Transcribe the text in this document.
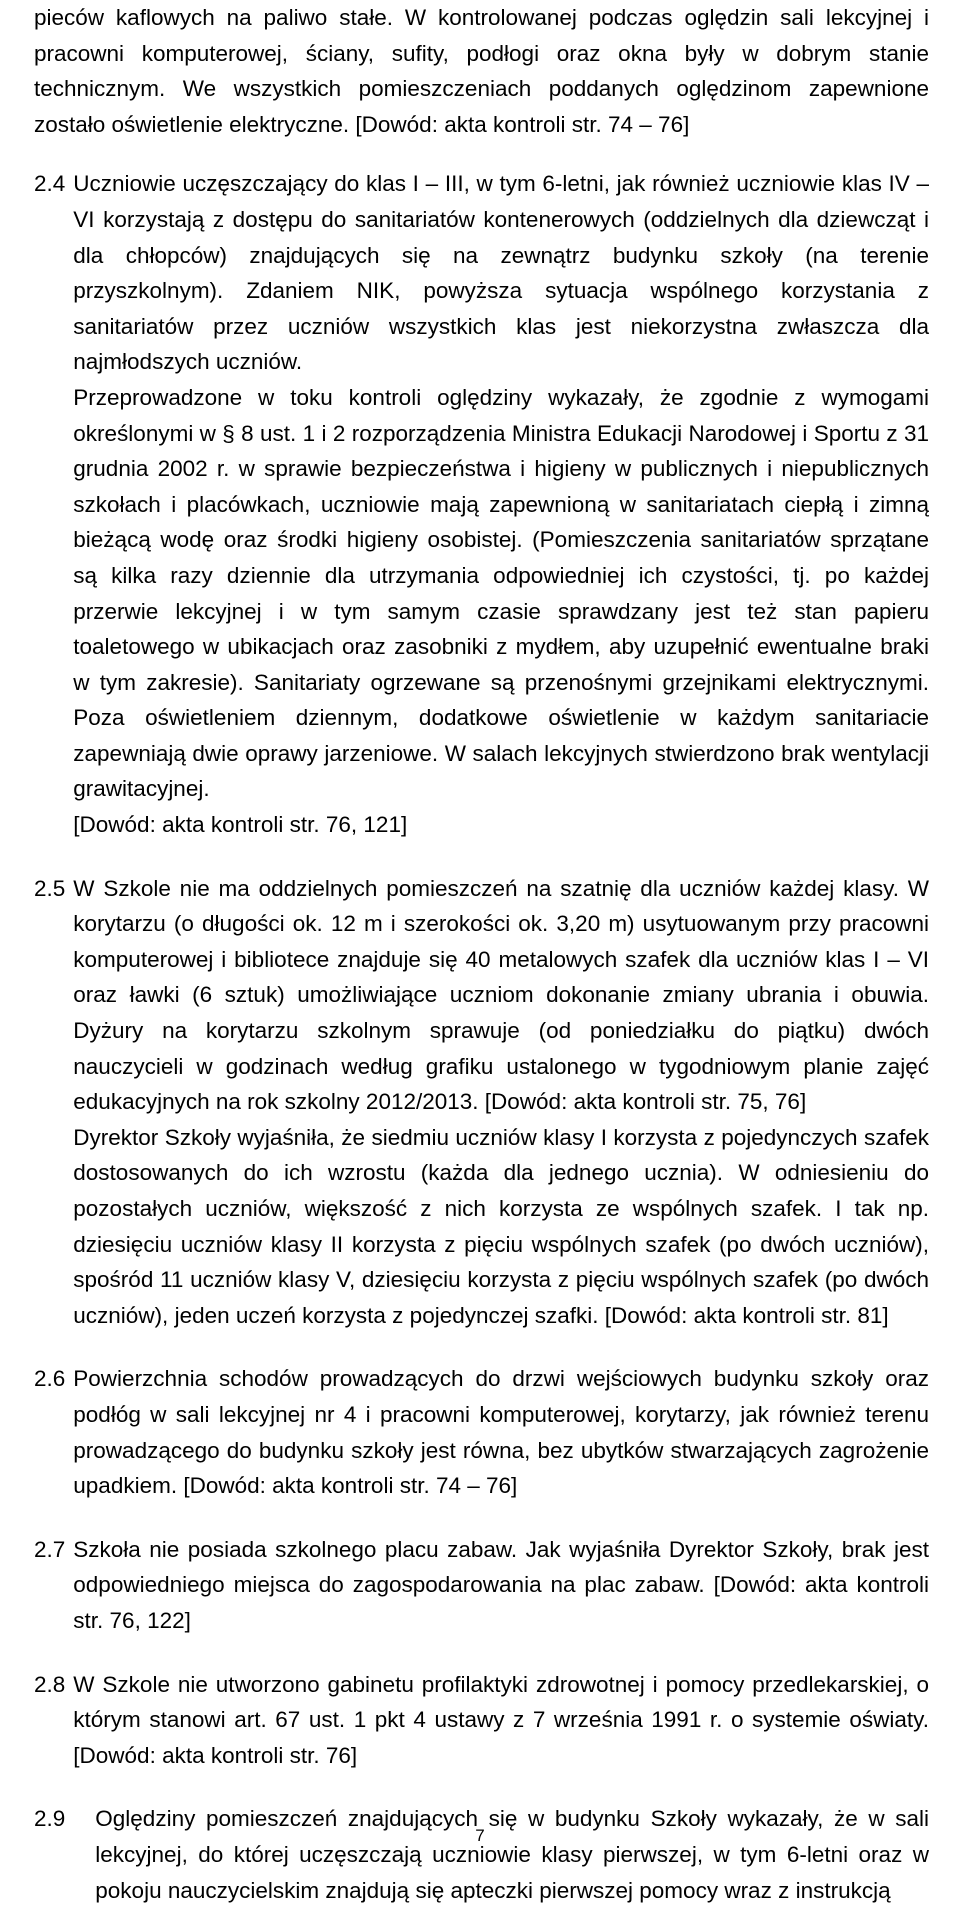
pieców kaflowych na paliwo stałe. W kontrolowanej podczas oględzin sali lekcyjnej i pracowni komputerowej, ściany, sufity, podłogi oraz okna były w dobrym stanie technicznym. We wszystkich pomieszczeniach poddanych oględzinom zapewnione zostało oświetlenie elektryczne. [Dowód: akta kontroli str. 74 – 76]

2.4 Uczniowie uczęszczający do klas I – III, w tym 6-letni, jak również uczniowie klas IV – VI korzystają z dostępu do sanitariatów kontenerowych (oddzielnych dla dziewcząt i dla chłopców) znajdujących się na zewnątrz budynku szkoły (na terenie przyszkolnym). Zdaniem NIK, powyższa sytuacja wspólnego korzystania z sanitariatów przez uczniów wszystkich klas jest niekorzystna zwłaszcza dla najmłodszych uczniów.

Przeprowadzone w toku kontroli oględziny wykazały, że zgodnie z wymogami określonymi w § 8 ust. 1 i 2 rozporządzenia Ministra Edukacji Narodowej i Sportu z 31 grudnia 2002 r. w sprawie bezpieczeństwa i higieny w publicznych i niepublicznych szkołach i placówkach, uczniowie mają zapewnioną w sanitariatach ciepłą i zimną bieżącą wodę oraz środki higieny osobistej. (Pomieszczenia sanitariatów sprzątane są kilka razy dziennie dla utrzymania odpowiedniej ich czystości, tj. po każdej przerwie lekcyjnej i w tym samym czasie sprawdzany jest też stan papieru toaletowego w ubikacjach oraz zasobniki z mydłem, aby uzupełnić ewentualne braki w tym zakresie). Sanitariaty ogrzewane są przenośnymi grzejnikami elektrycznymi. Poza oświetleniem dziennym, dodatkowe oświetlenie w każdym sanitariacie zapewniają dwie oprawy jarzeniowe. W salach lekcyjnych stwierdzono brak wentylacji grawitacyjnej.

[Dowód: akta kontroli str. 76, 121]

2.5 W Szkole nie ma oddzielnych pomieszczeń na szatnię dla uczniów każdej klasy. W korytarzu (o długości ok. 12 m i szerokości ok. 3,20 m) usytuowanym przy pracowni komputerowej i bibliotece znajduje się 40 metalowych szafek dla uczniów klas I – VI oraz ławki (6 sztuk) umożliwiające uczniom dokonanie zmiany ubrania i obuwia. Dyżury na korytarzu szkolnym sprawuje (od poniedziałku do piątku) dwóch nauczycieli w godzinach według grafiku ustalonego w tygodniowym planie zajęć edukacyjnych na rok szkolny 2012/2013. [Dowód: akta kontroli str. 75, 76]

Dyrektor Szkoły wyjaśniła, że siedmiu uczniów klasy I korzysta z pojedynczych szafek dostosowanych do ich wzrostu (każda dla jednego ucznia). W odniesieniu do pozostałych uczniów, większość z nich korzysta ze wspólnych szafek. I tak np. dziesięciu uczniów klasy II korzysta z pięciu wspólnych szafek (po dwóch uczniów), spośród 11 uczniów klasy V, dziesięciu korzysta z pięciu wspólnych szafek (po dwóch uczniów), jeden uczeń korzysta z pojedynczej szafki. [Dowód: akta kontroli str. 81]

2.6 Powierzchnia schodów prowadzących do drzwi wejściowych budynku szkoły oraz podłóg w sali lekcyjnej nr 4 i pracowni komputerowej, korytarzy, jak również terenu prowadzącego do budynku szkoły jest równa, bez ubytków stwarzających zagrożenie upadkiem. [Dowód: akta kontroli str. 74 – 76]

2.7 Szkoła nie posiada szkolnego placu zabaw. Jak wyjaśniła Dyrektor Szkoły, brak jest odpowiedniego miejsca do zagospodarowania na plac zabaw. [Dowód: akta kontroli str. 76, 122]

2.8 W Szkole nie utworzono gabinetu profilaktyki zdrowotnej i pomocy przedlekarskiej, o którym stanowi art. 67 ust. 1 pkt 4 ustawy z 7 września 1991 r. o systemie oświaty. [Dowód: akta kontroli str. 76]

2.9 Oględziny pomieszczeń znajdujących się w budynku Szkoły wykazały, że w sali lekcyjnej, do której uczęszczają uczniowie klasy pierwszej, w tym 6-letni oraz w pokoju nauczycielskim znajdują się apteczki pierwszej pomocy wraz z instrukcją

7
